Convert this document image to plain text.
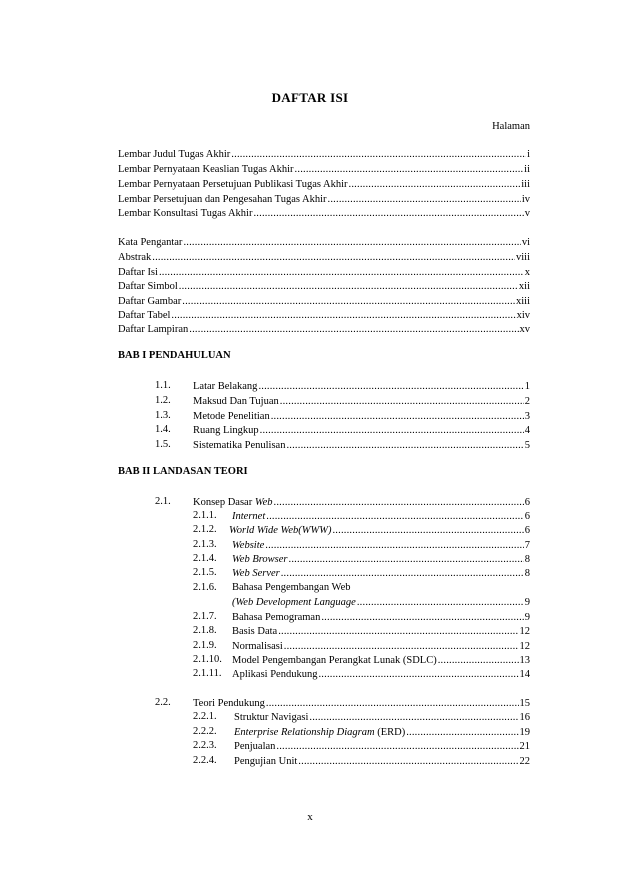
DAFTAR ISI
Halaman
Lembar Judul Tugas Akhir .....	i
Lembar Pernyataan Keaslian Tugas Akhir .....	ii
Lembar Pernyataan Persetujuan Publikasi Tugas Akhir .....	iii
Lembar Persetujuan dan Pengesahan Tugas Akhir .....	iv
Lembar Konsultasi Tugas Akhir .....	v
Kata Pengantar .....	vi
Abstrak .....	viii
Daftar Isi .....	x
Daftar Simbol .....	xii
Daftar Gambar .....	xiii
Daftar Tabel .....	xiv
Daftar Lampiran .....	xv
BAB I PENDAHULUAN
1.1. Latar Belakang .....	1
1.2. Maksud Dan Tujuan .....	2
1.3. Metode Penelitian .....	3
1.4. Ruang Lingkup .....	4
1.5. Sistematika Penulisan .....	5
BAB II LANDASAN TEORI
2.1. Konsep Dasar Web .....	6
2.1.1. Internet .....	6
2.1.2. World Wide Web(WWW) .....	6
2.1.3. Website .....	7
2.1.4. Web Browser .....	8
2.1.5. Web Server .....	8
2.1.6. Bahasa Pengembangan Web
(Web Development Language .....	9
2.1.7. Bahasa Pemograman .....	9
2.1.8. Basis Data .....	12
2.1.9. Normalisasi .....	12
2.1.10. Model Pengembangan Perangkat Lunak (SDLC) .....	13
2.1.11. Aplikasi Pendukung .....	14
2.2. Teori Pendukung .....	15
2.2.1. Struktur Navigasi .....	16
2.2.2. Enterprise Relationship Diagram (ERD) .....	19
2.2.3. Penjualan .....	21
2.2.4. Pengujian Unit .....	22
x
